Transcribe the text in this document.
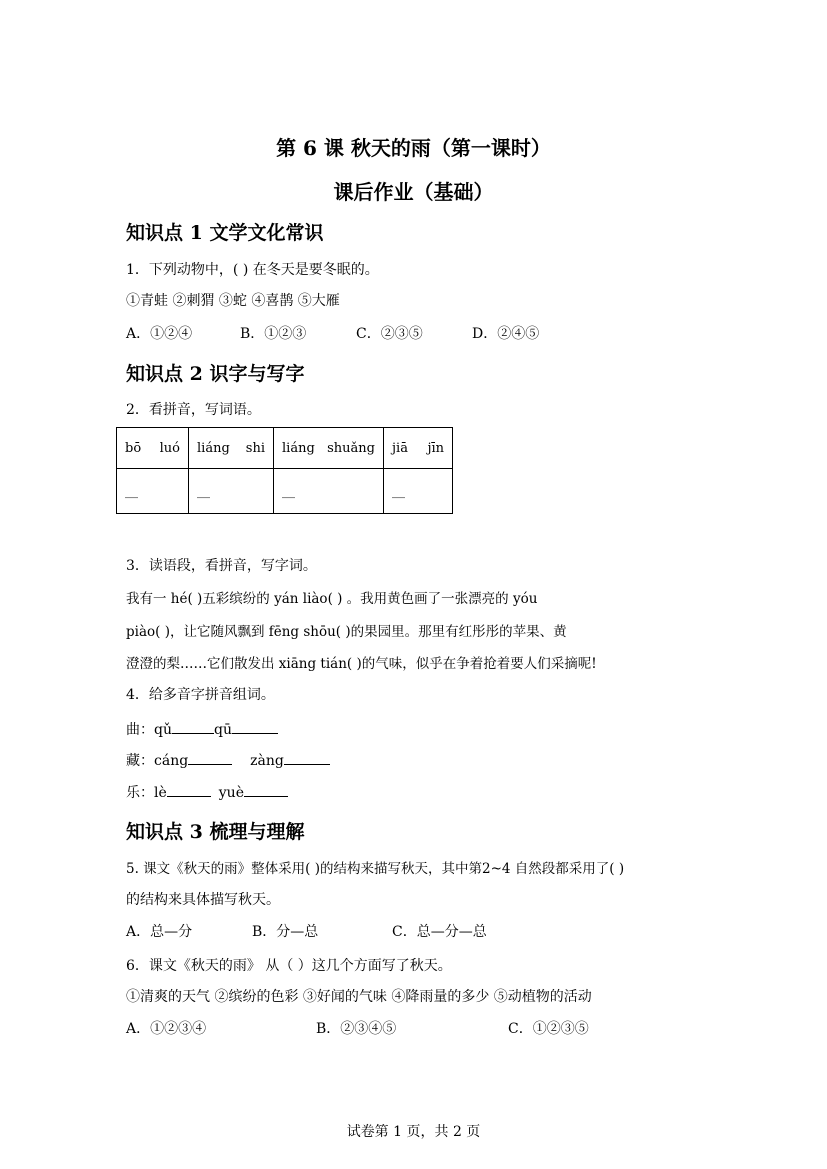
第 6 课 秋天的雨（第一课时）
课后作业（基础）
知识点 1 文学文化常识
1．下列动物中，( ) 在冬天是要冬眠的。
①青蛙 ②刺猬 ③蛇 ④喜鹊 ⑤大雁
A．①②④	B．①②③	C．②③⑤	D．②④⑤
知识点 2 识字与写字
2．看拼音，写词语。
bō luó	liáng shi	liáng shuǎng	jiā jīn

__	__	__	__
3．读语段，看拼音，写字词。
我有一 hé( )五彩缤纷的 yán liào( ) 。我用黄色画了一张漂亮的 yóu
piào( )，让它随风飘到 fēng shōu( )的果园里。那里有红彤彤的苹果、黄
澄澄的梨……它们散发出 xiāng tián( )的气味，似乎在争着抢着要人们采摘呢!
4．给多音字拼音组词。
曲：qǔ	qū
藏：cáng	zàng
乐：lè	yuè
知识点 3 梳理与理解
5. 课文《秋天的雨》整体采用( )的结构来描写秋天，其中第2~4 自然段都采用了( )
的结构来具体描写秋天。
A．总—分	B．分—总	C．总—分—总
6．课文《秋天的雨》 从（ ）这几个方面写了秋天。
①清爽的天气 ②缤纷的色彩 ③好闻的气味 ④降雨量的多少 ⑤动植物的活动
A．①②③④	B．②③④⑤	C．①②③⑤
试卷第 1 页，共 2 页
